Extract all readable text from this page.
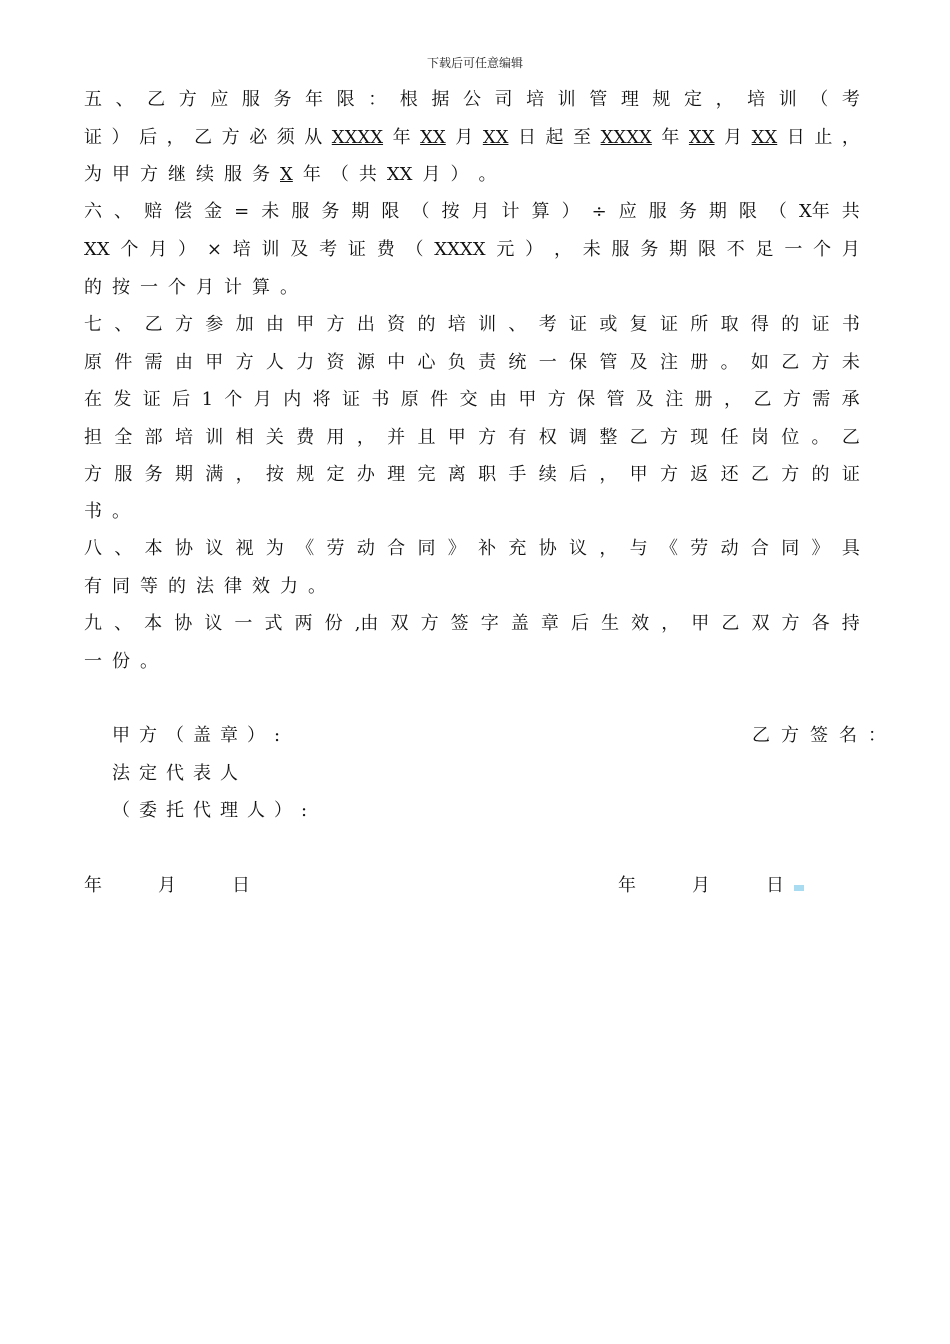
下载后可任意编辑
五 、 乙 方 应 服 务 年 限 ： 根 据 公 司 培 训 管 理 规 定 ， 培 训 （ 考
证 ） 后 ， 乙 方 必 须 从 XXXX 年 XX 月 XX 日 起 至 XXXX 年 XX 月 XX 日 止 ，
为 甲 方 继 续 服 务 X 年 （ 共 XX 月 ） 。
六 、 赔 偿 金 = 未 服 务 期 限 （ 按 月 计 算 ） ÷ 应 服 务 期 限 （ X年 共
XX 个 月 ） × 培 训 及 考 证 费 （ XXXX 元 ） ， 未 服 务 期 限 不 足 一 个 月
的 按 一 个 月 计 算 。
七 、 乙 方 参 加 由 甲 方 出 资 的 培 训 、 考 证 或 复 证 所 取 得 的 证 书
原 件 需 由 甲 方 人 力 资 源 中 心 负 责 统 一 保 管 及 注 册 。 如 乙 方 未
在 发 证 后 1 个 月 内 将 证 书 原 件 交 由 甲 方 保 管 及 注 册 ， 乙 方 需 承
担 全 部 培 训 相 关 费 用 ， 并 且 甲 方 有 权 调 整 乙 方 现 任 岗 位 。 乙
方 服 务 期 满 ， 按 规 定 办 理 完 离 职 手 续 后 ， 甲 方 返 还 乙 方 的 证
书 。
八 、 本 协 议 视 为 《 劳 动 合 同 》 补 充 协 议 ， 与 《 劳 动 合 同 》 具
有 同 等 的 法 律 效 力 。
九 、 本 协 议 一 式 两 份 ,由 双 方 签 字 盖 章 后 生 效 ， 甲 乙 双 方 各 持
一 份 。
甲方（盖章）:	乙方签名：
法定代表人
（委托代理人）:
年	月	日	年	月	日
